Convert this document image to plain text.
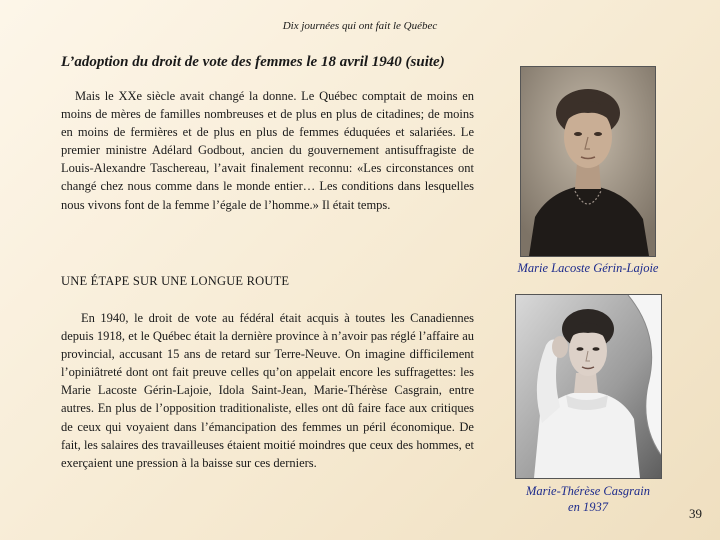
Dix journées qui ont fait le Québec
L’adoption du droit de vote des femmes le 18 avril 1940 (suite)

Mais le XXe siècle avait changé la donne. Le Québec comptait de moins en moins de mères de familles nombreuses et de plus en plus de citadines; de moins en moins de fermières et de plus en plus de femmes éduquées et salariées. Le premier ministre Adélard Godbout, ancien du gouvernement antisuffragiste de Louis-Alexandre Taschereau, l’avait finalement reconnu: «Les circonstances ont changé chez nous comme dans le monde entier… Les conditions dans lesquelles nous vivons font de la femme l’égale de l’homme.» Il était temps.

UNE ÉTAPE SUR UNE LONGUE ROUTE

En 1940, le droit de vote au fédéral était acquis à toutes les Canadiennes depuis 1918, et le Québec était la dernière province à n’avoir pas réglé l’affaire au provincial, accusant 15 ans de retard sur Terre-Neuve. On imagine difficilement l’opiniâtreté dont ont fait preuve celles qu’on appelait encore les suffragettes: les Marie Lacoste Gérin-Lajoie, Idola Saint-Jean, Marie-Thérèse Casgrain, entre autres. En plus de l’opposition traditionaliste, elles ont dû faire face aux critiques de ceux qui voyaient dans l’émancipation des femmes un péril économique. De fait, les salaires des travailleuses étaient moitié moindres que ceux des hommes, et exerçaient une pression à la baisse sur ces derniers.

Marie Lacoste Gérin-Lajoie
Marie-Thérèse Casgrain
en 1937	39
